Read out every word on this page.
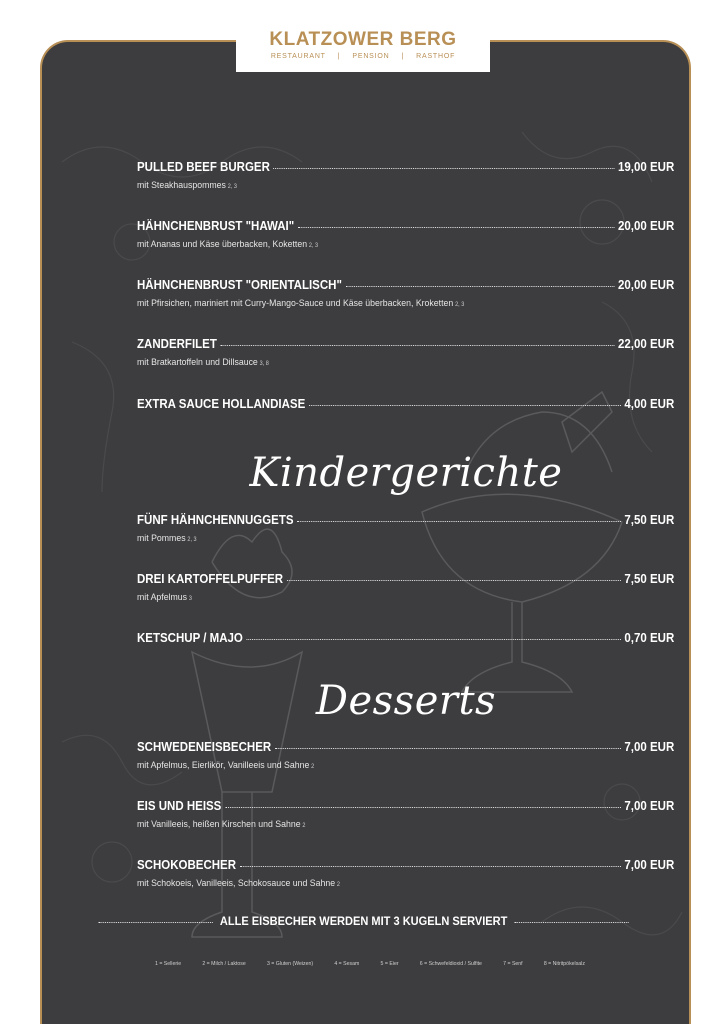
PULLED BEEF BURGER	19,00 EUR
mit Steakhauspommes 2, 3
HÄHNCHENBRUST "HAWAI"	20,00 EUR
mit Ananas und Käse überbacken, Koketten 2, 3
HÄHNCHENBRUST "ORIENTALISCH"	20,00 EUR
mit Pfirsichen, mariniert mit Curry-Mango-Sauce und Käse überbacken, Kroketten 2, 3
ZANDERFILET	22,00 EUR
mit Bratkartoffeln und Dillsauce 3, 8
EXTRA SAUCE HOLLANDIASE	4,00 EUR
Kindergerichte
FÜNF HÄHNCHENNUGGETS	7,50 EUR
mit Pommes 2, 3
DREI KARTOFFELPUFFER	7,50 EUR
mit Apfelmus 3
KETSCHUP / MAJO	0,70 EUR
Desserts
SCHWEDENEISBECHER	7,00 EUR
mit Apfelmus, Eierlikör, Vanilleeis und Sahne 2
EIS UND HEISS	7,00 EUR
mit Vanilleeis, heißen Kirschen und Sahne 2
SCHOKOBECHER	7,00 EUR
mit Schokoeis, Vanilleeis, Schokosauce und Sahne 2
KLATZOWER BERG
RESTAURANT | PENSION | RASTHOF
ALLE EISBECHER WERDEN MIT 3 KUGELN SERVIERT
1 = Sellerie	2 = Milch / Laktose	3 = Gluten (Weizen)	4 = Sesam	5 = Eier	6 = Schwefeldioxid / Sulfite	7 = Senf	8 = Nitritpökelsalz
